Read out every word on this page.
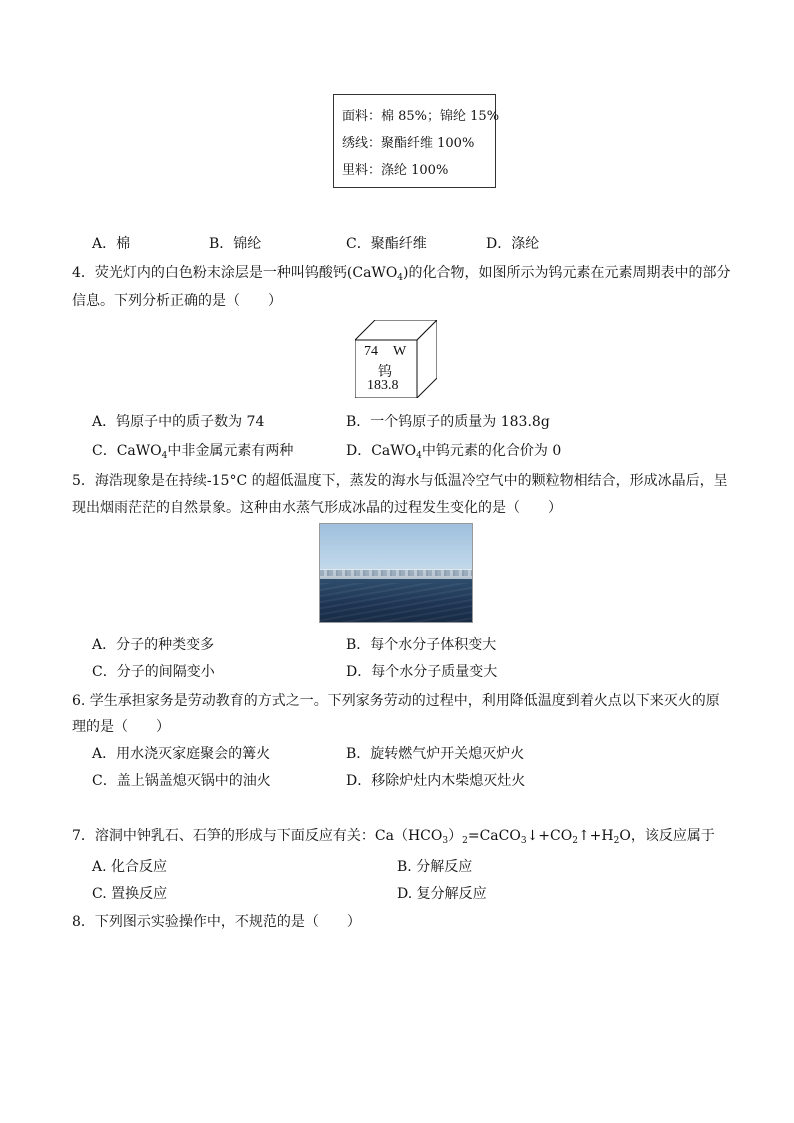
面料：棉 85%；锦纶 15%
绣线：聚酯纤维 100%
里料：涤纶 100%
A．棉	B．锦纶	C．聚酯纤维	D．涤纶
4．荧光灯内的白色粉末涂层是一种叫钨酸钙(CaWO$_4$)的化合物，如图所示为钨元素在元素周期表中的部分
信息。下列分析正确的是（　　）
74 W
钨
183.8
A．钨原子中的质子数为 74	B．一个钨原子的质量为 183.8g
C．CaWO$_4$中非金属元素有两种	D．CaWO$_4$中钨元素的化合价为 0
5．海浩现象是在持续-15°C 的超低温度下，蒸发的海水与低温冷空气中的颗粒物相结合，形成冰晶后，呈
现出烟雨茫茫的自然景象。这种由水蒸气形成冰晶的过程发生变化的是（　　）
A．分子的种类变多	B．每个水分子体积变大
C．分子的间隔变小	D．每个水分子质量变大
6. 学生承担家务是劳动教育的方式之一。下列家务劳动的过程中，利用降低温度到着火点以下来灭火的原
理的是（　　）
A．用水浇灭家庭聚会的篝火	B．旋转燃气炉开关熄灭炉火
C．盖上锅盖熄灭锅中的油火	D．移除炉灶内木柴熄灭灶火
7．溶洞中钟乳石、石笋的形成与下面反应有关：$Ca(HCO_3)_2=CaCO_3↓+CO_2↑+H_2O$，该反应属于
A. 化合反应	B. 分解反应
C. 置换反应	D. 复分解反应
8．下列图示实验操作中，不规范的是（　　）
